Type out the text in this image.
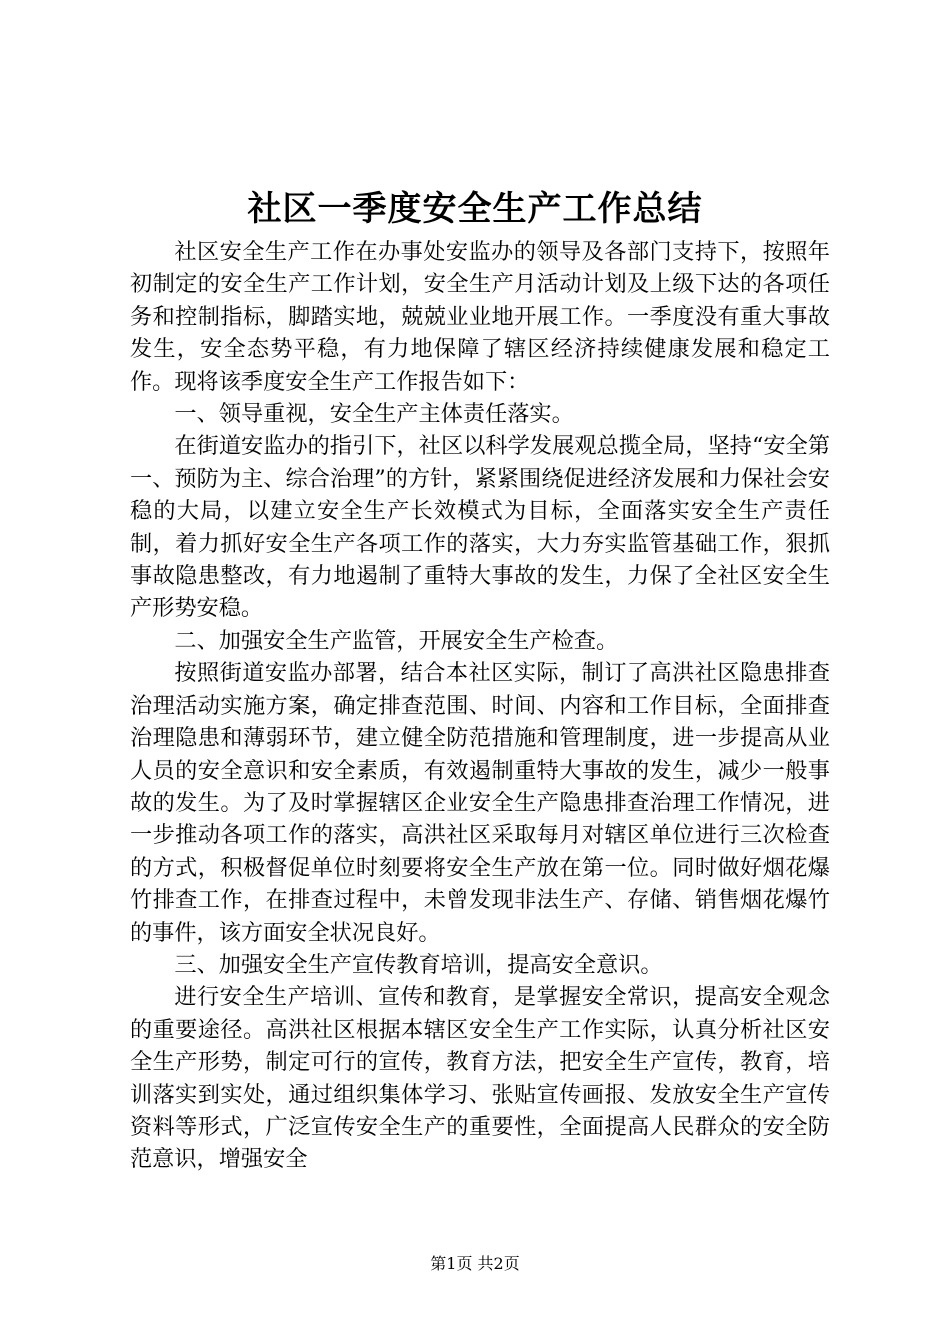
社区一季度安全生产工作总结

社区安全生产工作在办事处安监办的领导及各部门支持下，按照年初制定的安全生产工作计划，安全生产月活动计划及上级下达的各项任务和控制指标，脚踏实地，兢兢业业地开展工作。一季度没有重大事故发生，安全态势平稳，有力地保障了辖区经济持续健康发展和稳定工作。现将该季度安全生产工作报告如下：

一、领导重视，安全生产主体责任落实。

在街道安监办的指引下，社区以科学发展观总揽全局，坚持“安全第一、预防为主、综合治理”的方针，紧紧围绕促进经济发展和力保社会安稳的大局，以建立安全生产长效模式为目标，全面落实安全生产责任制，着力抓好安全生产各项工作的落实，大力夯实监管基础工作，狠抓事故隐患整改，有力地遏制了重特大事故的发生，力保了全社区安全生产形势安稳。

二、加强安全生产监管，开展安全生产检查。

按照街道安监办部署，结合本社区实际，制订了高洪社区隐患排查治理活动实施方案，确定排查范围、时间、内容和工作目标，全面排查治理隐患和薄弱环节，建立健全防范措施和管理制度，进一步提高从业人员的安全意识和安全素质，有效遏制重特大事故的发生，减少一般事故的发生。为了及时掌握辖区企业安全生产隐患排查治理工作情况，进一步推动各项工作的落实，高洪社区采取每月对辖区单位进行三次检查的方式，积极督促单位时刻要将安全生产放在第一位。同时做好烟花爆竹排查工作，在排查过程中，未曾发现非法生产、存储、销售烟花爆竹的事件，该方面安全状况良好。

三、加强安全生产宣传教育培训，提高安全意识。

进行安全生产培训、宣传和教育，是掌握安全常识，提高安全观念的重要途径。高洪社区根据本辖区安全生产工作实际，认真分析社区安全生产形势，制定可行的宣传，教育方法，把安全生产宣传，教育，培训落实到实处，通过组织集体学习、张贴宣传画报、发放安全生产宣传资料等形式，广泛宣传安全生产的重要性，全面提高人民群众的安全防范意识，增强安全

第1页 共2页
